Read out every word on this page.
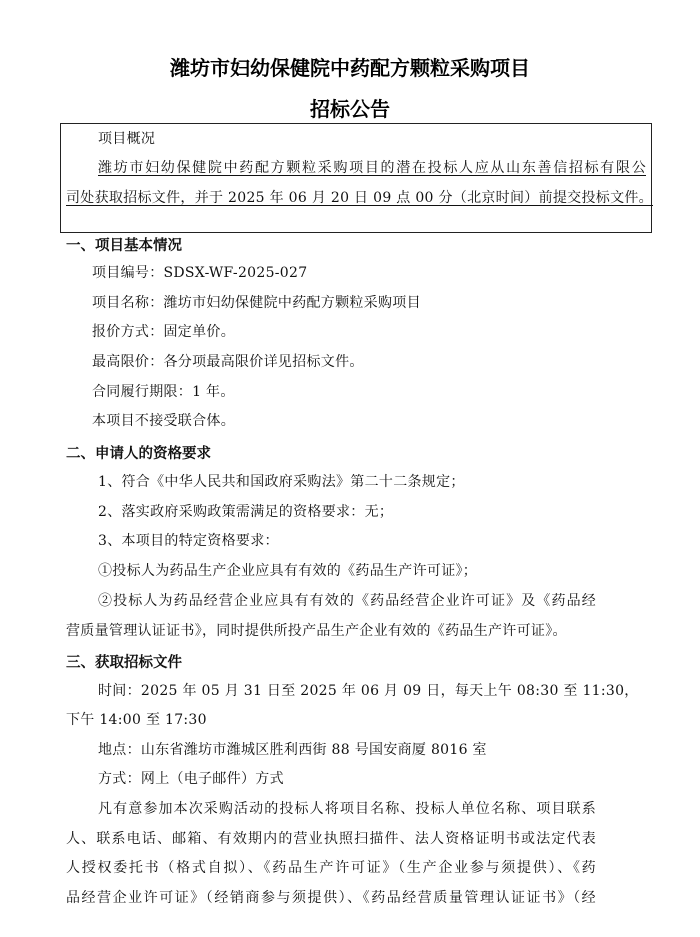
潍坊市妇幼保健院中药配方颗粒采购项目
招标公告
项目概况
潍坊市妇幼保健院中药配方颗粒采购项目的潜在投标人应从山东善信招标有限公
司处获取招标文件，并于 2025 年 06 月 20 日 09 点 00 分（北京时间）前提交投标文件。
一、项目基本情况
项目编号：SDSX-WF-2025-027
项目名称：潍坊市妇幼保健院中药配方颗粒采购项目
报价方式：固定单价。
最高限价：各分项最高限价详见招标文件。
合同履行期限：1 年。
本项目不接受联合体。
二、申请人的资格要求
1、符合《中华人民共和国政府采购法》第二十二条规定；
2、落实政府采购政策需满足的资格要求：无；
3、本项目的特定资格要求：
①投标人为药品生产企业应具有有效的《药品生产许可证》；
②投标人为药品经营企业应具有有效的《药品经营企业许可证》及《药品经
营质量管理认证证书》，同时提供所投产品生产企业有效的《药品生产许可证》。
三、获取招标文件
时间：2025 年 05 月 31 日至 2025 年 06 月 09 日，每天上午 08:30 至 11:30，
下午 14:00 至 17:30
地点：山东省潍坊市潍城区胜利西街 88 号国安商厦 8016 室
方式：网上（电子邮件）方式
凡有意参加本次采购活动的投标人将项目名称、投标人单位名称、项目联系
人、联系电话、邮箱、有效期内的营业执照扫描件、法人资格证明书或法定代表
人授权委托书（格式自拟）、《药品生产许可证》（生产企业参与须提供）、《药
品经营企业许可证》（经销商参与须提供）、《药品经营质量管理认证证书》（经
